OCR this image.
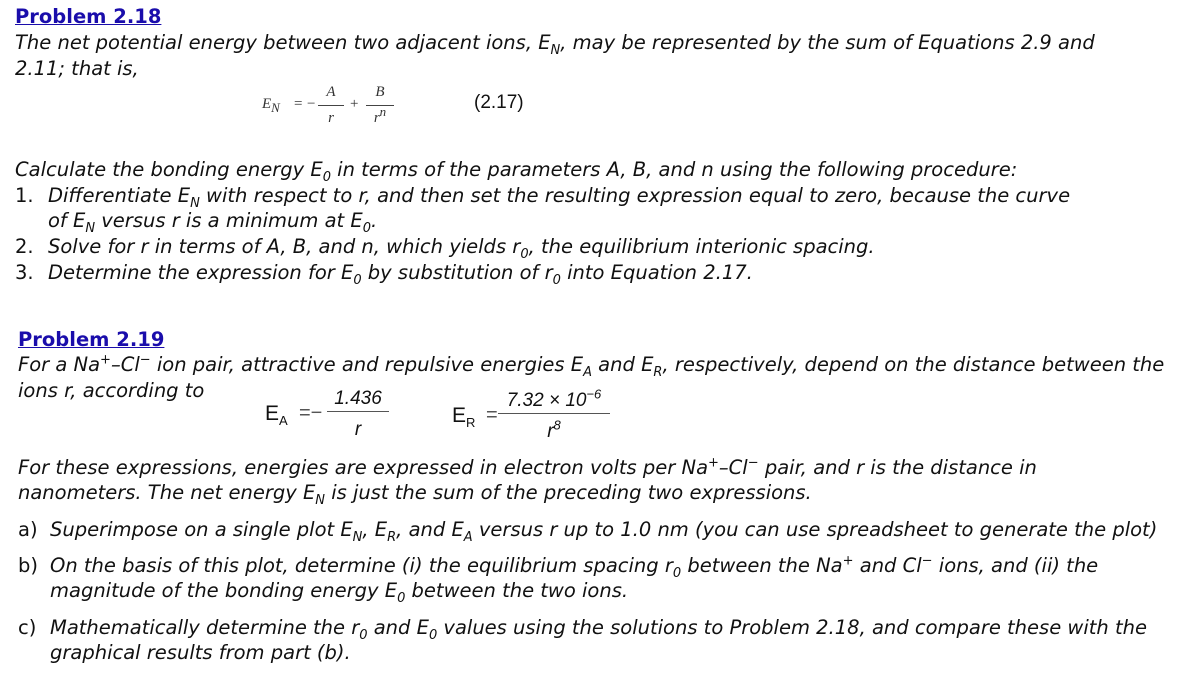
Problem 2.18
The net potential energy between two adjacent ions, $E_N$, may be represented by the sum of Equations 2.9 and
2.11; that is,
$E_N$ = − $\frac{A}{r} + \frac{B}{r^n}$	(2.17)
Calculate the bonding energy $E_0$ in terms of the parameters A, B, and n using the following procedure:
1. Differentiate $E_N$ with respect to r, and then set the resulting expression equal to zero, because the curve
of $E_N$ versus r is a minimum at $E_0$.
2. Solve for r in terms of A, B, and n, which yields $r_0$, the equilibrium interionic spacing.
3. Determine the expression for $E_0$ by substitution of $r_0$ into Equation 2.17.
Problem 2.19
For a Na+–Cl− ion pair, attractive and repulsive energies $E_A$ and $E_R$, respectively, depend on the distance between the
ions r, according to
$E_A$ =−
1.436
r
$E_R$ =
$7.32 \times 10^{-6}$
$r^8$
For these expressions, energies are expressed in electron volts per Na+–Cl− pair, and r is the distance in
nanometers. The net energy $E_N$ is just the sum of the preceding two expressions.
a) Superimpose on a single plot $E_N$, $E_R$, and $E_A$ versus r up to 1.0 nm (you can use spreadsheet to generate the plot)
b) On the basis of this plot, determine (i) the equilibrium spacing $r_0$ between the Na+ and Cl− ions, and (ii) the
magnitude of the bonding energy $E_0$ between the two ions.
c) Mathematically determine the $r_0$ and $E_0$ values using the solutions to Problem 2.18, and compare these with the
graphical results from part (b).
